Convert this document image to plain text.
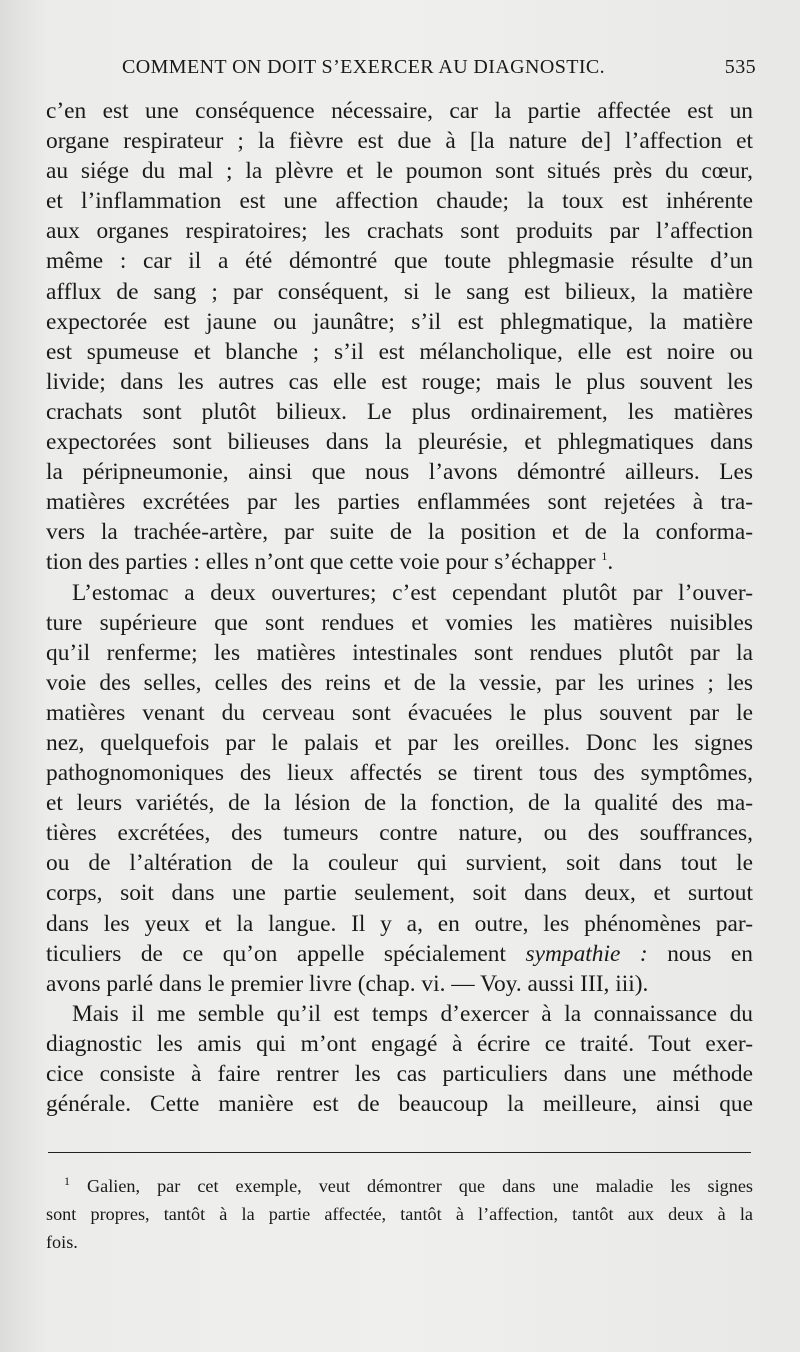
COMMENT ON DOIT S’EXERCER AU DIAGNOSTIC.	535
c’en est une conséquence nécessaire, car la partie affectée est un
organe respirateur ; la fièvre est due à [la nature de] l’affection et
au siége du mal ; la plèvre et le poumon sont situés près du cœur,
et l’inflammation est une affection chaude; la toux est inhérente
aux organes respiratoires; les crachats sont produits par l’affection
même : car il a été démontré que toute phlegmasie résulte d’un
afflux de sang ; par conséquent, si le sang est bilieux, la matière
expectorée est jaune ou jaunâtre; s’il est phlegmatique, la matière
est spumeuse et blanche ; s’il est mélancholique, elle est noire ou
livide; dans les autres cas elle est rouge; mais le plus souvent les
crachats sont plutôt bilieux. Le plus ordinairement, les matières
expectorées sont bilieuses dans la pleurésie, et phlegmatiques dans
la péripneumonie, ainsi que nous l’avons démontré ailleurs. Les
matières excrétées par les parties enflammées sont rejetées à tra-
vers la trachée-artère, par suite de la position et de la conforma-
tion des parties : elles n’ont que cette voie pour s’échapper $^1$.
L’estomac a deux ouvertures; c’est cependant plutôt par l’ouver-
ture supérieure que sont rendues et vomies les matières nuisibles
qu’il renferme; les matières intestinales sont rendues plutôt par la
voie des selles, celles des reins et de la vessie, par les urines ; les
matières venant du cerveau sont évacuées le plus souvent par le
nez, quelquefois par le palais et par les oreilles. Donc les signes
pathognomoniques des lieux affectés se tirent tous des symptômes,
et leurs variétés, de la lésion de la fonction, de la qualité des ma-
tières excrétées, des tumeurs contre nature, ou des souffrances,
ou de l’altération de la couleur qui survient, soit dans tout le
corps, soit dans une partie seulement, soit dans deux, et surtout
dans les yeux et la langue. Il y a, en outre, les phénomènes par-
ticuliers de ce qu’on appelle spécialement sympathie : nous en
avons parlé dans le premier livre (chap. vi. — Voy. aussi III, iii).
Mais il me semble qu’il est temps d’exercer à la connaissance du
diagnostic les amis qui m’ont engagé à écrire ce traité. Tout exer-
cice consiste à faire rentrer les cas particuliers dans une méthode
générale. Cette manière est de beaucoup la meilleure, ainsi que
$^1$ Galien, par cet exemple, veut démontrer que dans une maladie les signes
sont propres, tantôt à la partie affectée, tantôt à l’affection, tantôt aux deux à la
fois.
